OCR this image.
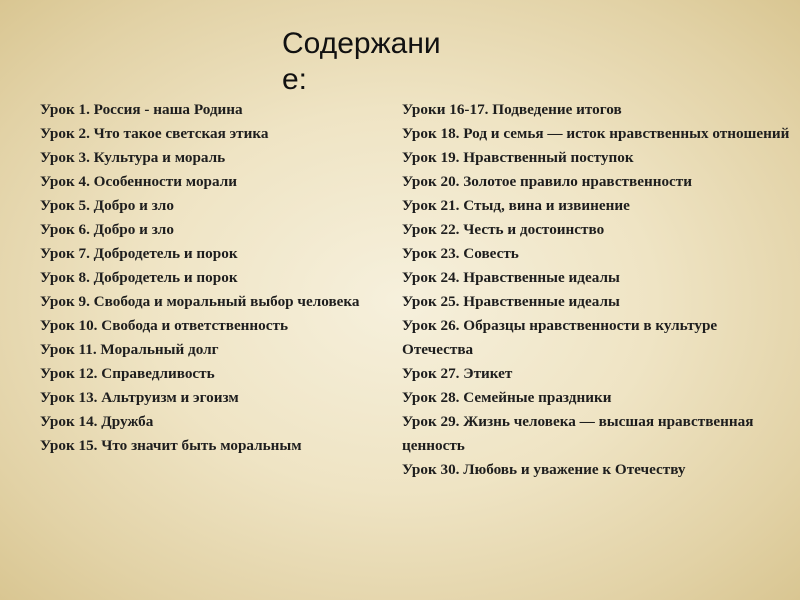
Содержание:
Урок 1. Россия - наша Родина
Урок 2. Что такое светская этика
Урок 3. Культура и мораль
Урок 4. Особенности морали
Урок 5. Добро и зло
Урок 6. Добро и зло
Урок 7. Добродетель и порок
Урок 8. Добродетель и порок
Урок 9. Свобода и моральный выбор человека
Урок 10. Свобода и ответственность
Урок 11. Моральный долг
Урок 12. Справедливость
Урок 13. Альтруизм и эгоизм
Урок 14. Дружба
Урок 15. Что значит быть моральным
Уроки 16-17. Подведение итогов
Урок 18. Род и семья — исток нравственных отношений
Урок 19. Нравственный поступок
Урок 20. Золотое правило нравственности
Урок 21. Стыд, вина и извинение
Урок 22. Честь и достоинство
Урок 23. Совесть
Урок 24. Нравственные идеалы
Урок 25. Нравственные идеалы
Урок 26. Образцы нравственности в культуре Отечества
Урок 27. Этикет
Урок 28. Семейные праздники
Урок 29. Жизнь человека — высшая нравственная ценность
Урок 30. Любовь и уважение к Отечеству
